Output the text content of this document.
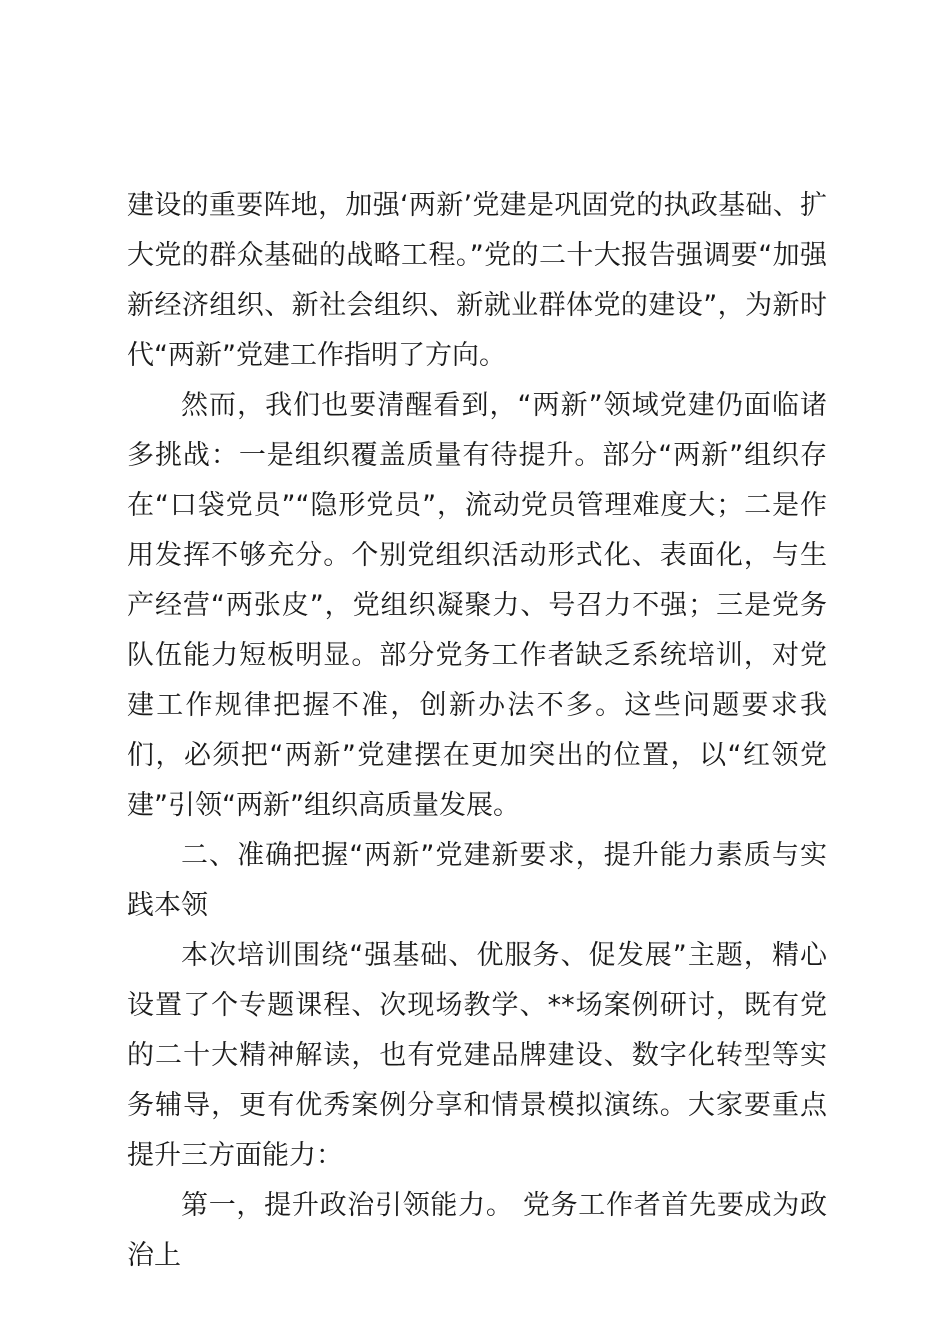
建设的重要阵地，加强‘两新’党建是巩固党的执政基础、扩大党的群众基础的战略工程。”党的二十大报告强调要“加强新经济组织、新社会组织、新就业群体党的建设”，为新时代“两新”党建工作指明了方向。

然而，我们也要清醒看到，“两新”领域党建仍面临诸多挑战：一是组织覆盖质量有待提升。部分“两新”组织存在“口袋党员”“隐形党员”，流动党员管理难度大；二是作用发挥不够充分。个别党组织活动形式化、表面化，与生产经营“两张皮”，党组织凝聚力、号召力不强；三是党务队伍能力短板明显。部分党务工作者缺乏系统培训，对党建工作规律把握不准，创新办法不多。这些问题要求我们，必须把“两新”党建摆在更加突出的位置，以“红领党建”引领“两新”组织高质量发展。

二、准确把握“两新”党建新要求，提升能力素质与实践本领

本次培训围绕“强基础、优服务、促发展”主题，精心设置了个专题课程、次现场教学、**场案例研讨，既有党的二十大精神解读，也有党建品牌建设、数字化转型等实务辅导，更有优秀案例分享和情景模拟演练。大家要重点提升三方面能力：

第一，提升政治引领能力。 党务工作者首先要成为政治上
